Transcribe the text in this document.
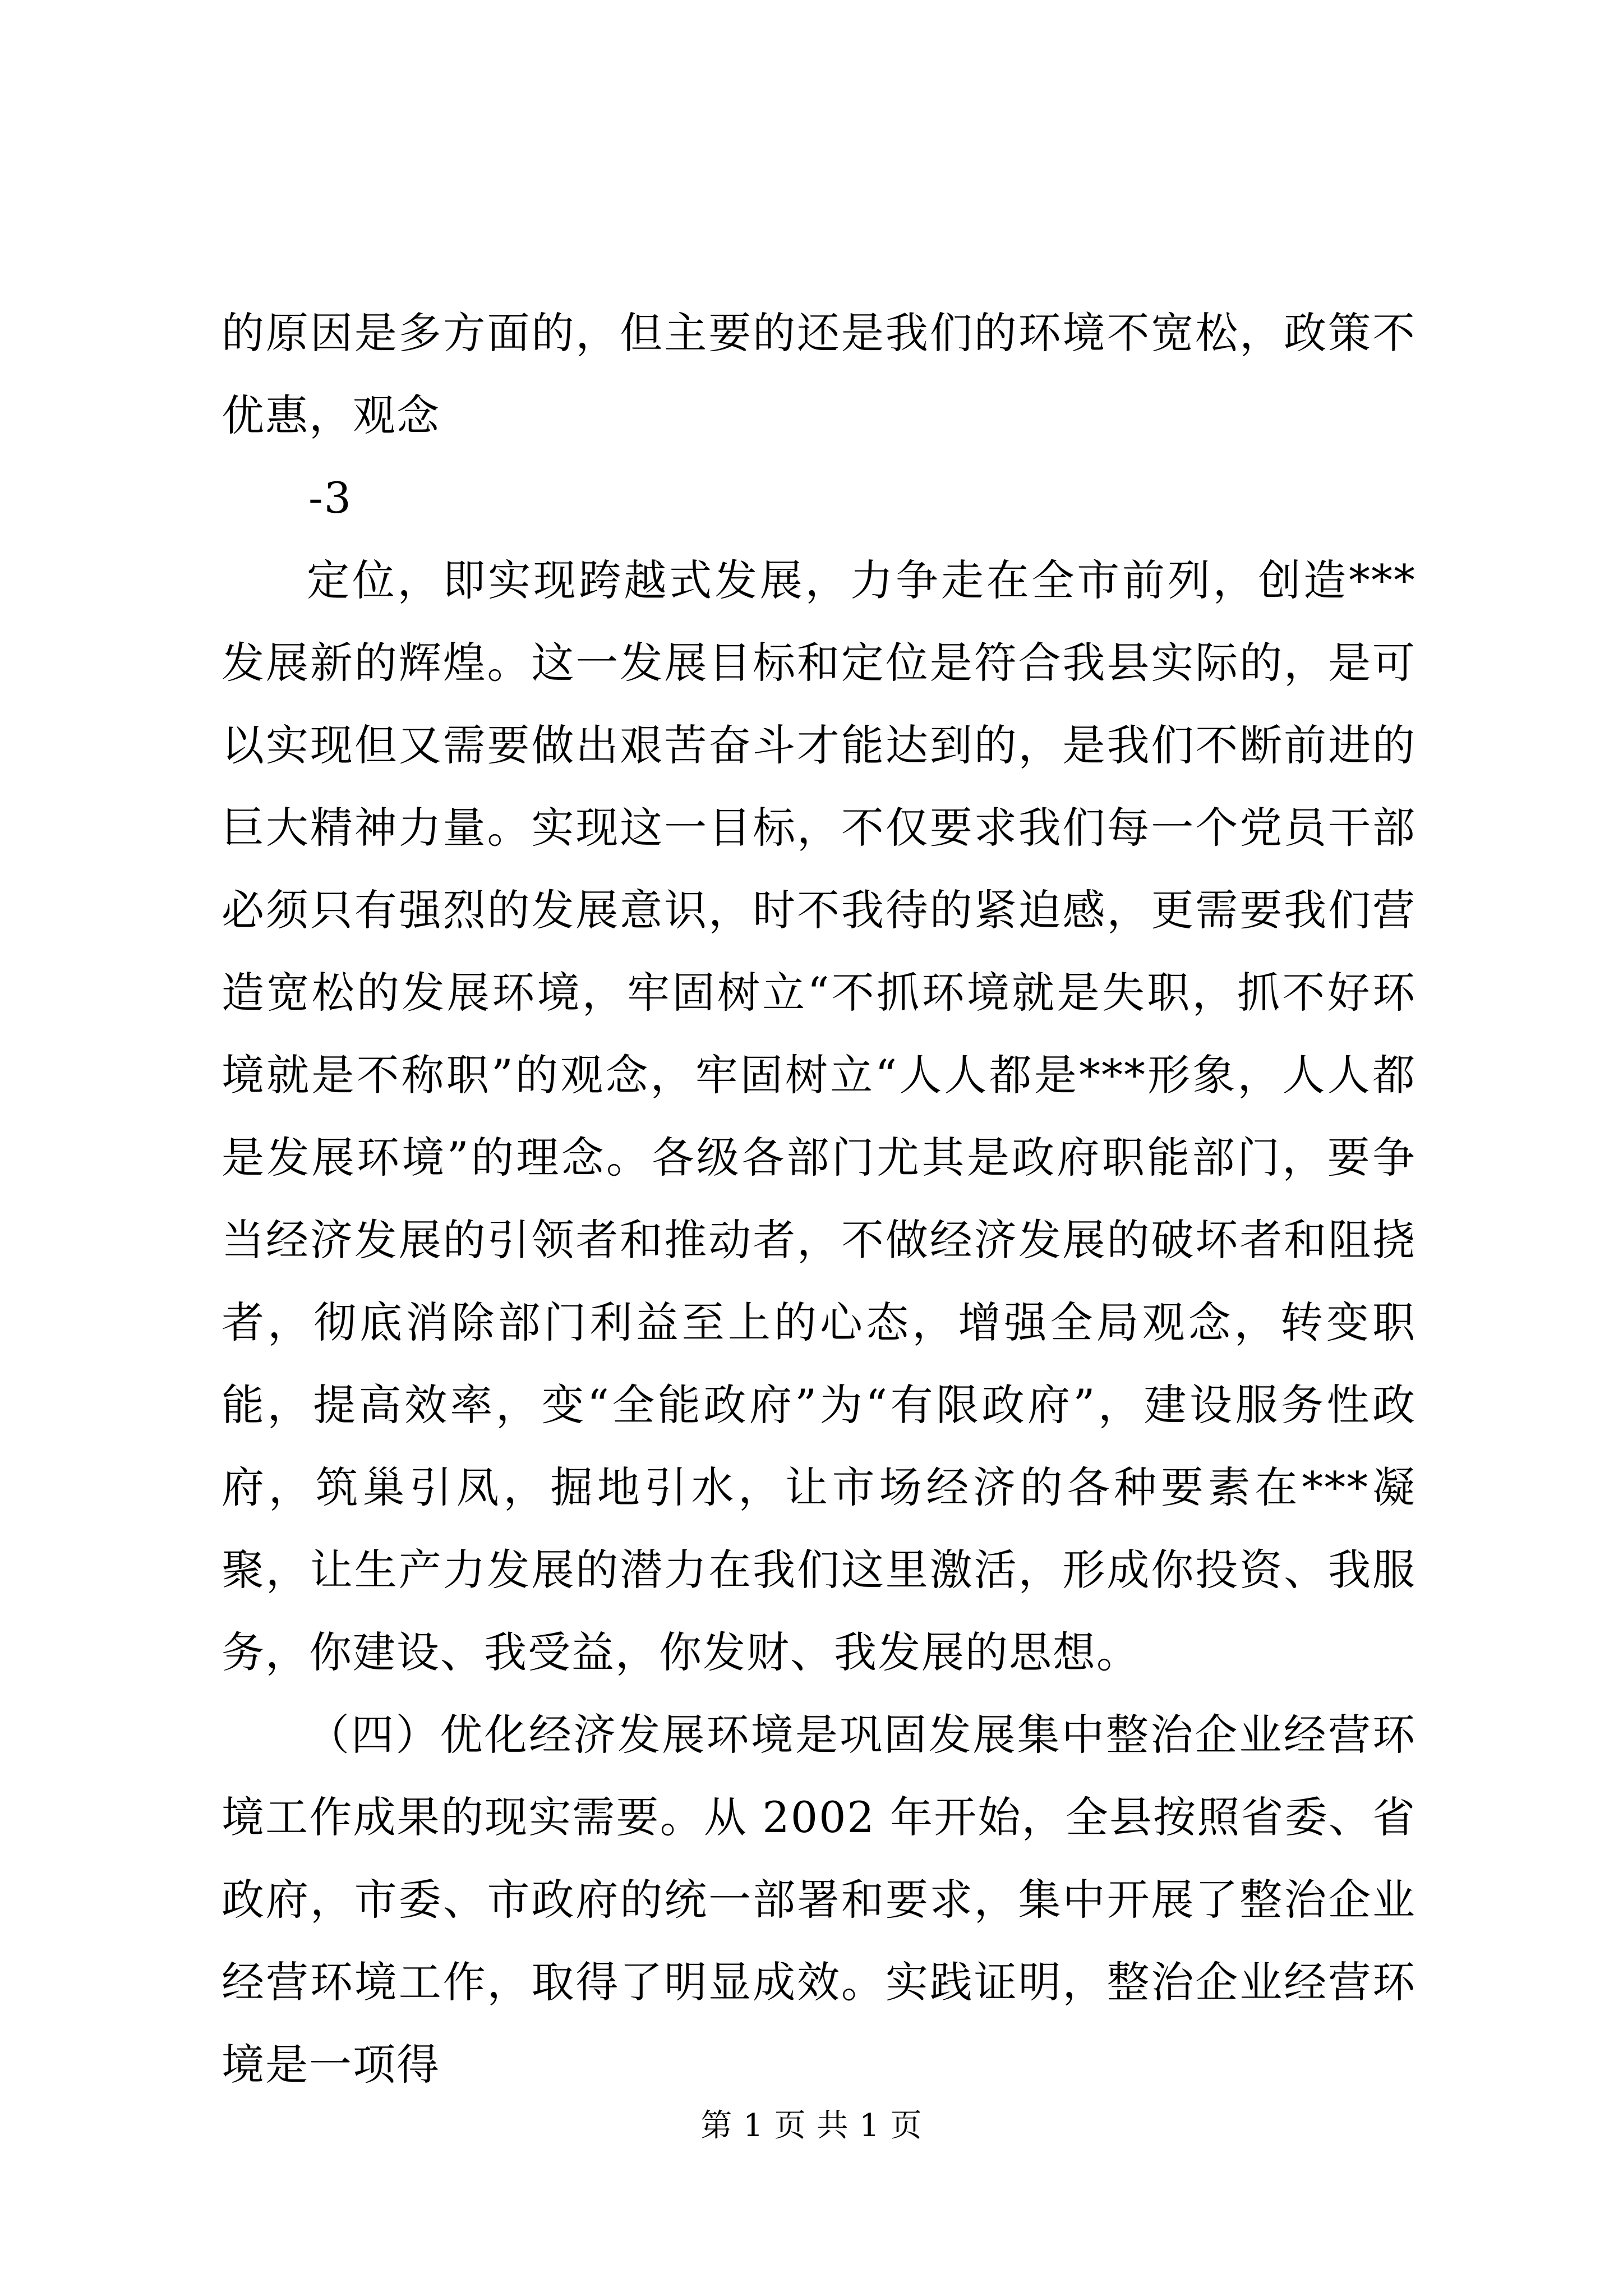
的原因是多方面的，但主要的还是我们的环境不宽松，政策不优惠，观念

-3

定位，即实现跨越式发展，力争走在全市前列，创造***发展新的辉煌。这一发展目标和定位是符合我县实际的，是可以实现但又需要做出艰苦奋斗才能达到的，是我们不断前进的巨大精神力量。实现这一目标，不仅要求我们每一个党员干部必须只有强烈的发展意识，时不我待的紧迫感，更需要我们营造宽松的发展环境，牢固树立“不抓环境就是失职，抓不好环境就是不称职”的观念，牢固树立“人人都是***形象，人人都是发展环境”的理念。各级各部门尤其是政府职能部门，要争当经济发展的引领者和推动者，不做经济发展的破坏者和阻挠者，彻底消除部门利益至上的心态，增强全局观念，转变职能，提高效率，变“全能政府”为“有限政府”，建设服务性政府，筑巢引凤，掘地引水，让市场经济的各种要素在***凝聚，让生产力发展的潜力在我们这里激活，形成你投资、我服务，你建设、我受益，你发财、我发展的思想。

（四）优化经济发展环境是巩固发展集中整治企业经营环境工作成果的现实需要。从 2002 年开始，全县按照省委、省政府，市委、市政府的统一部署和要求，集中开展了整治企业经营环境工作，取得了明显成效。实践证明，整治企业经营环境是一项得

第 1 页 共 1 页
